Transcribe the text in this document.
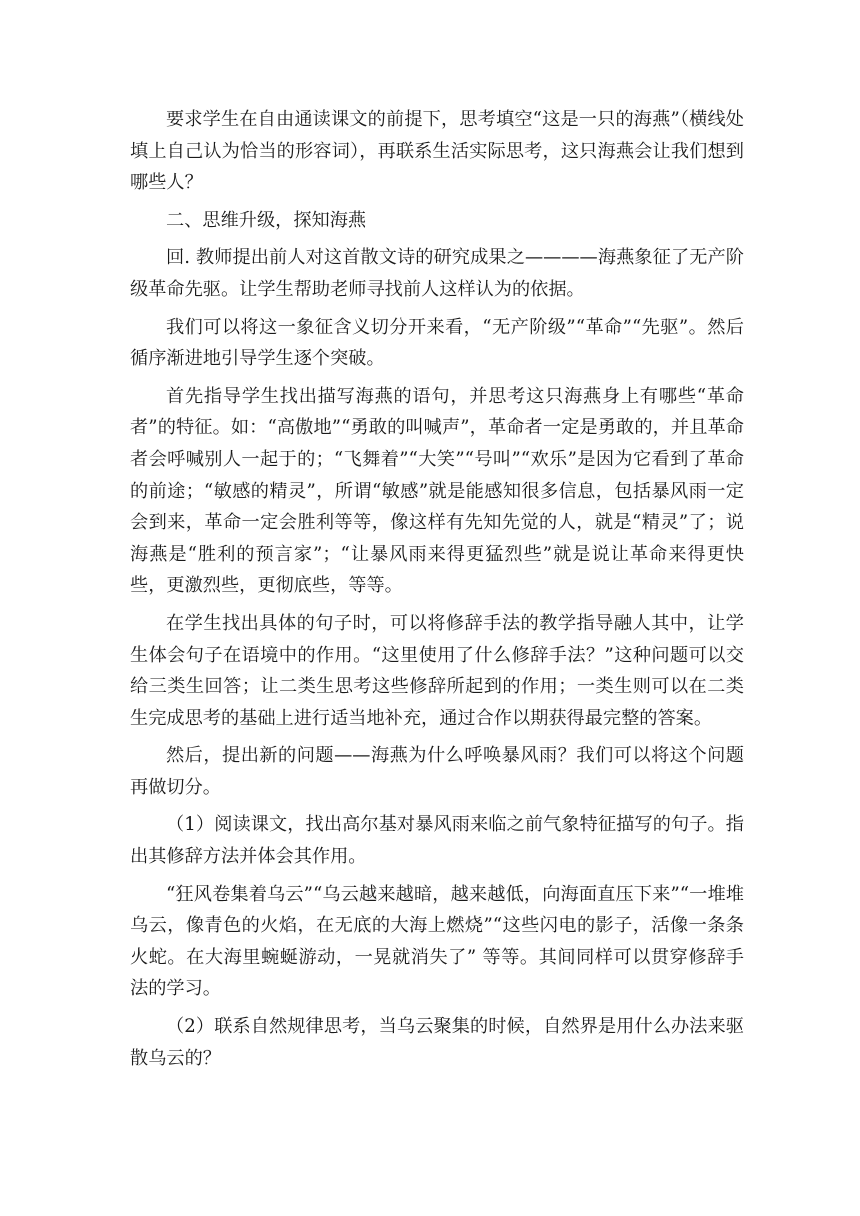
要求学生在自由通读课文的前提下，思考填空“这是一只的海燕”（横线处填上自己认为恰当的形容词），再联系生活实际思考，这只海燕会让我们想到哪些人？

二、思维升级，探知海燕

回. 教师提出前人对这首散文诗的研究成果之————海燕象征了无产阶级革命先驱。让学生帮助老师寻找前人这样认为的依据。

我们可以将这一象征含义切分开来看，“无产阶级”“革命”“先驱”。然后循序渐进地引导学生逐个突破。

首先指导学生找出描写海燕的语句，并思考这只海燕身上有哪些“革命者”的特征。如：“高傲地”“勇敢的叫喊声”，革命者一定是勇敢的，并且革命者会呼喊别人一起于的；“飞舞着”“大笑”“号叫”“欢乐”是因为它看到了革命的前途；“敏感的精灵”，所谓“敏感”就是能感知很多信息，包括暴风雨一定会到来，革命一定会胜利等等，像这样有先知先觉的人，就是“精灵”了；说海燕是“胜利的预言家”；“让暴风雨来得更猛烈些”就是说让革命来得更快些，更激烈些，更彻底些，等等。

在学生找出具体的句子时，可以将修辞手法的教学指导融人其中，让学生体会句子在语境中的作用。“这里使用了什么修辞手法？”这种问题可以交给三类生回答；让二类生思考这些修辞所起到的作用；一类生则可以在二类生完成思考的基础上进行适当地补充，通过合作以期获得最完整的答案。

然后，提出新的问题——海燕为什么呼唤暴风雨？我们可以将这个问题再做切分。

（1）阅读课文，找出高尔基对暴风雨来临之前气象特征描写的句子。指出其修辞方法并体会其作用。

“狂风卷集着乌云”“乌云越来越暗，越来越低，向海面直压下来”“一堆堆乌云，像青色的火焰，在无底的大海上燃烧”“这些闪电的影子，活像一条条火蛇。在大海里蜿蜒游动，一晃就消失了” 等等。其间同样可以贯穿修辞手法的学习。

（2）联系自然规律思考，当乌云聚集的时候，自然界是用什么办法来驱散乌云的？
